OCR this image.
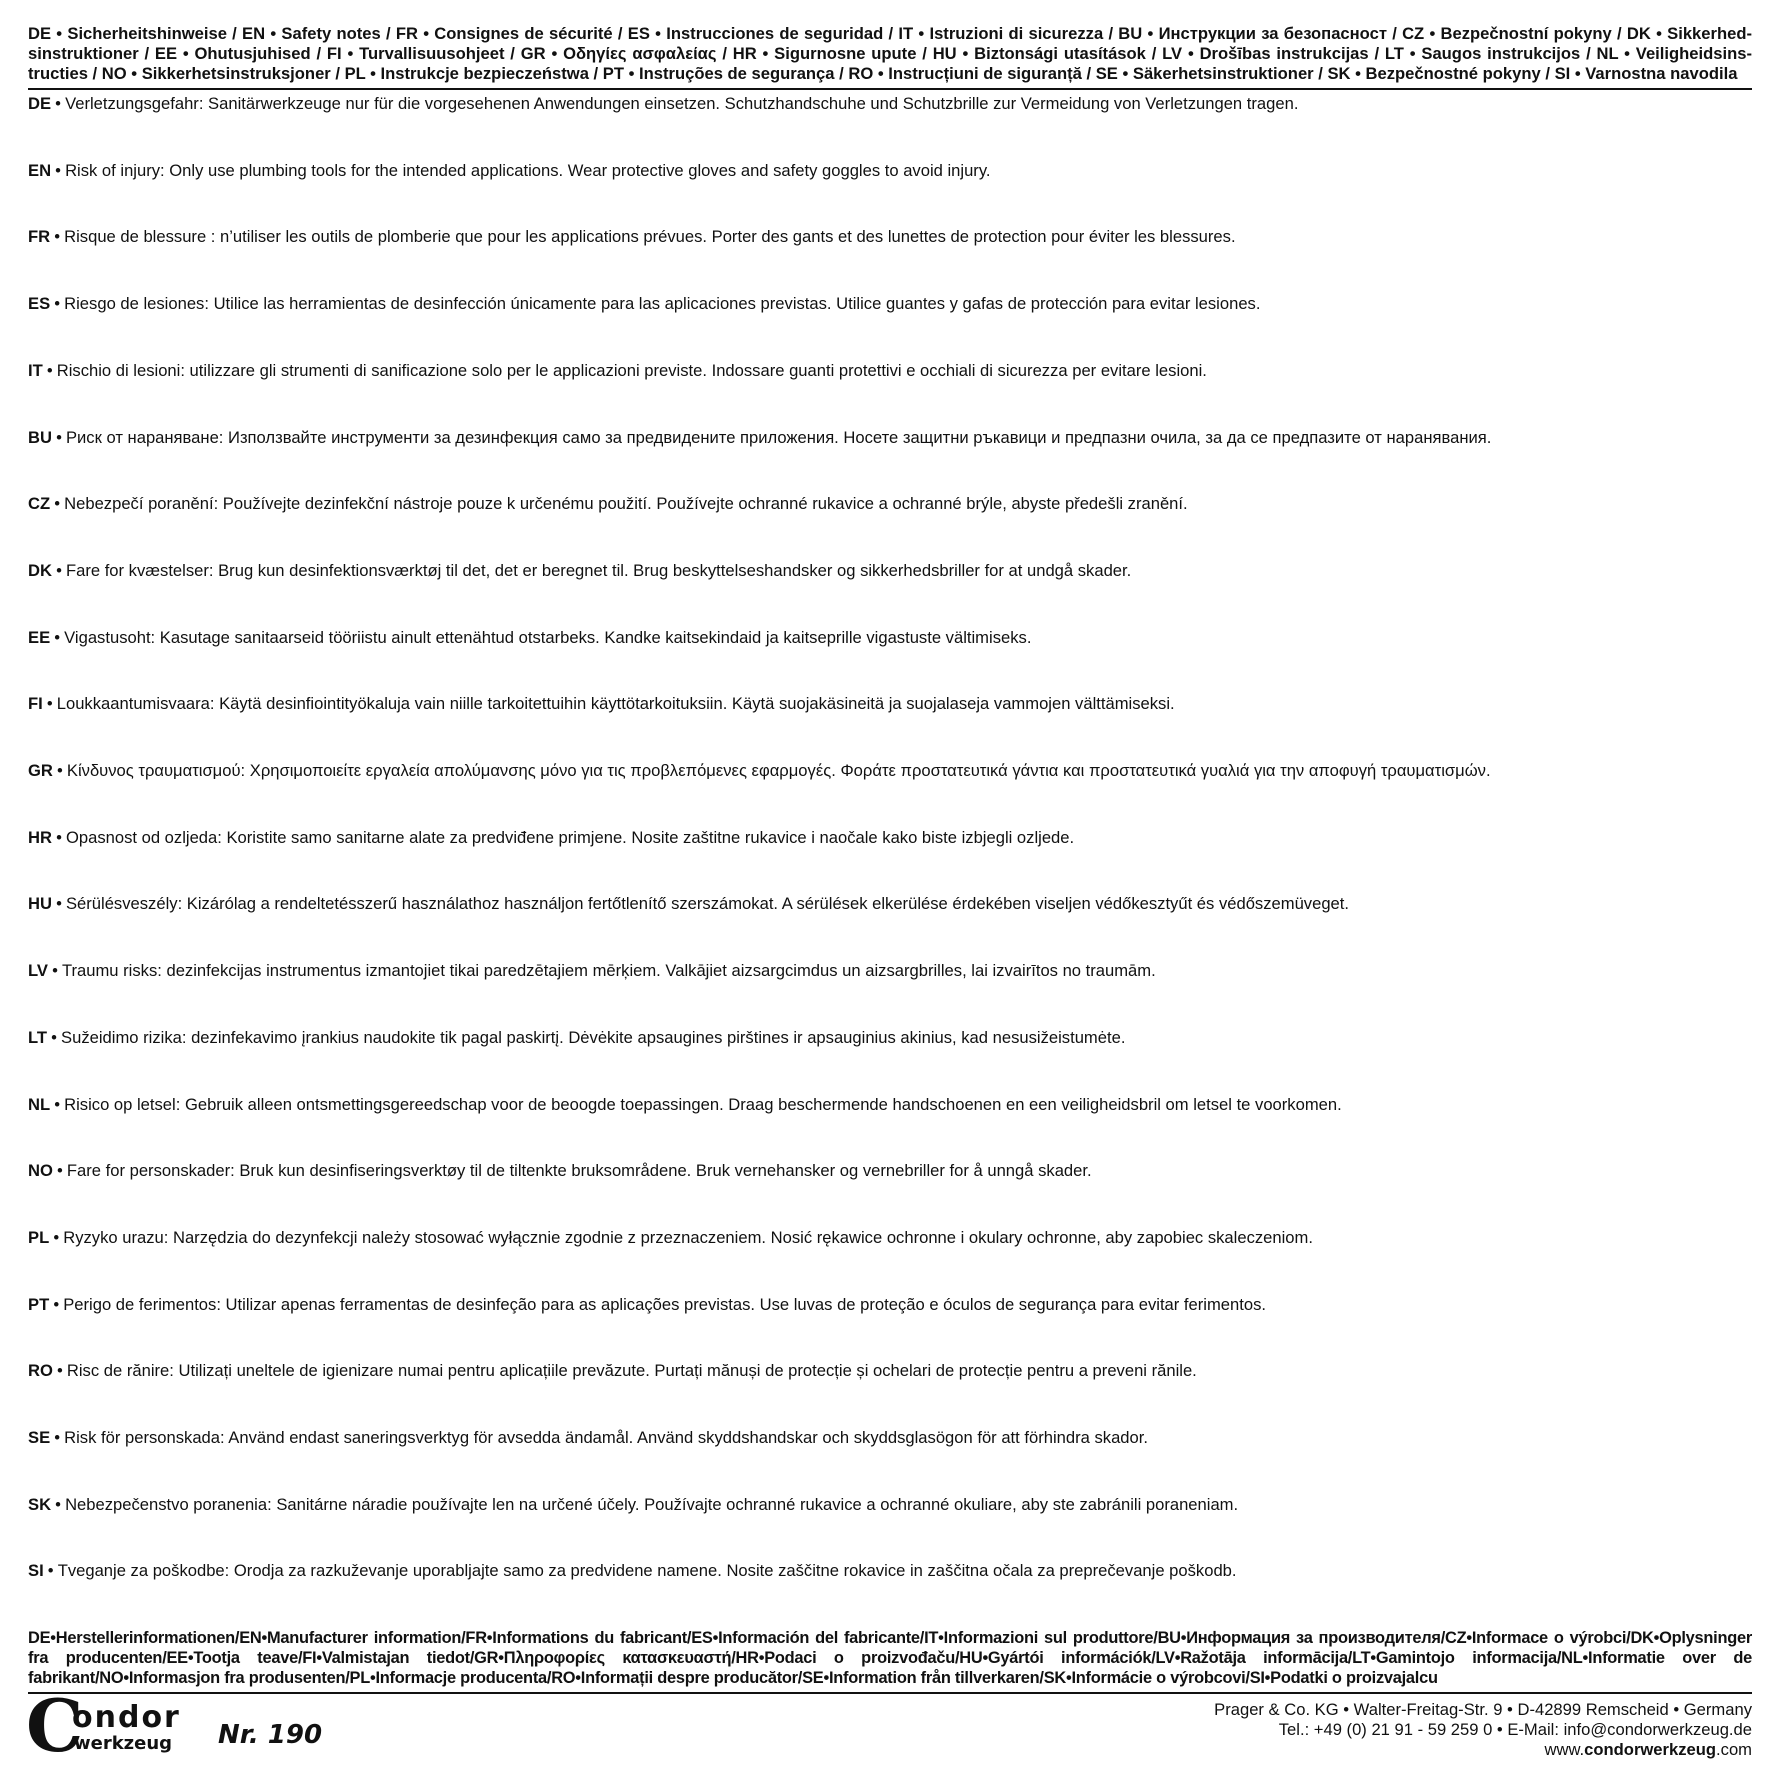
DE • Sicherheitshinweise / EN • Safety notes / FR • Consignes de sécurité / ES • Instrucciones de seguridad / IT • Istruzioni di sicurezza / BU • Инструкции за безопасност / CZ • Bezpečnostní pokyny / DK • Sikkerhedsinstruktioner / EE • Ohutusjuhised / FI • Turvallisuusohjeet / GR • Οδηγίες ασφαλείας / HR • Sigurnosne upute / HU • Biztonsági utasítások / LV • Drošības instrukcijas / LT • Saugos instrukcijos / NL • Veiligheidsinstructies / NO • Sikkerhetsinstruksjoner / PL • Instrukcje bezpieczeństwa / PT • Instruções de segurança / RO • Instrucțiuni de siguranță / SE • Säkerhetsinstruktioner / SK • Bezpečnostné pokyny / SI • Varnostna navodila
DE • Verletzungsgefahr: Sanitärwerkzeuge nur für die vorgesehenen Anwendungen einsetzen. Schutzhandschuhe und Schutzbrille zur Vermeidung von Verletzungen tragen.
EN • Risk of injury: Only use plumbing tools for the intended applications. Wear protective gloves and safety goggles to avoid injury.
FR • Risque de blessure : n’utiliser les outils de plomberie que pour les applications prévues. Porter des gants et des lunettes de protection pour éviter les blessures.
ES • Riesgo de lesiones: Utilice las herramientas de desinfección únicamente para las aplicaciones previstas. Utilice guantes y gafas de protección para evitar lesiones.
IT • Rischio di lesioni: utilizzare gli strumenti di sanificazione solo per le applicazioni previste. Indossare guanti protettivi e occhiali di sicurezza per evitare lesioni.
BU • Риск от нараняване: Използвайте инструменти за дезинфекция само за предвидените приложения. Носете защитни ръкавици и предпазни очила, за да се предпазите от наранявания.
CZ • Nebezpečí poranění: Používejte dezinfekční nástroje pouze k určenému použití. Používejte ochranné rukavice a ochranné brýle, abyste předešli zranění.
DK • Fare for kvæstelser: Brug kun desinfektionsværktøj til det, det er beregnet til. Brug beskyttelseshandsker og sikkerhedsbriller for at undgå skader.
EE • Vigastusoht: Kasutage sanitaarseid tööriistu ainult ettenähtud otstarbeks. Kandke kaitsekindaid ja kaitseprille vigastuste vältimiseks.
FI • Loukkaantumisvaara: Käytä desinfiointityökaluja vain niille tarkoitettuihin käyttötarkoituksiin. Käytä suojakäsineitä ja suojalaseja vammojen välttämiseksi.
GR • Κίνδυνος τραυματισμού: Χρησιμοποιείτε εργαλεία απολύμανσης μόνο για τις προβλεπόμενες εφαρμογές. Φοράτε προστατευτικά γάντια και προστατευτικά γυαλιά για την αποφυγή τραυματισμών.
HR • Opasnost od ozljeda: Koristite samo sanitarne alate za predviđene primjene. Nosite zaštitne rukavice i naočale kako biste izbjegli ozljede.
HU • Sérülésveszély: Kizárólag a rendeltetésszerű használathoz használjon fertőtlenítő szerszámokat. A sérülések elkerülése érdekében viseljen védőkesztyűt és védőszemüveget.
LV • Traumu risks: dezinfekcijas instrumentus izmantojiet tikai paredzētajiem mērķiem. Valkājiet aizsargcimdus un aizsargbrilles, lai izvairītos no traumām.
LT • Sužeidimo rizika: dezinfekavimo įrankius naudokite tik pagal paskirtį. Dėvėkite apsaugines pirštines ir apsauginius akinius, kad nesusižeistumėte.
NL • Risico op letsel: Gebruik alleen ontsmettingsgereedschap voor de beoogde toepassingen. Draag beschermende handschoenen en een veiligheidsbril om letsel te voorkomen.
NO • Fare for personskader: Bruk kun desinfiseringsverktøy til de tiltenkte bruksområdene. Bruk vernehansker og vernebriller for å unngå skader.
PL • Ryzyko urazu: Narzędzia do dezynfekcji należy stosować wyłącznie zgodnie z przeznaczeniem. Nosić rękawice ochronne i okulary ochronne, aby zapobiec skaleczeniom.
PT • Perigo de ferimentos: Utilizar apenas ferramentas de desinfeção para as aplicações previstas. Use luvas de proteção e óculos de segurança para evitar ferimentos.
RO • Risc de rănire: Utilizați uneltele de igienizare numai pentru aplicațiile prevăzute. Purtați mănuși de protecție și ochelari de protecție pentru a preveni rănile.
SE • Risk för personskada: Använd endast saneringsverktyg för avsedda ändamål. Använd skyddshandskar och skyddsglasögon för att förhindra skador.
SK • Nebezpečenstvo poranenia: Sanitárne náradie používajte len na určené účely. Používajte ochranné rukavice a ochranné okuliare, aby ste zabránili poraneniam.
SI • Tveganje za poškodbe: Orodja za razkuževanje uporabljajte samo za predvidene namene. Nosite zaščitne rokavice in zaščitna očala za preprečevanje poškodb.
DE•Herstellerinformationen/EN•Manufacturer information/FR•Informations du fabricant/ES•Información del fabricante/IT•Informazioni sul produttore/BU•Информация за производителя/CZ•Informace o výrobci/DK•Oplysninger fra producenten/EE•Tootja teave/FI•Valmistajan tiedot/GR•Πληροφορίες κατασκευαστή/HR•Podaci o proizvođaču/HU•Gyártói információk/LV•Ražotāja informācija/LT•Gamintojo informacija/NL•Informatie over de fabrikant/NO•Informasjon fra produsenten/PL•Informacje producenta/RO•Informații despre producător/SE•Information från tillverkaren/SK•Informácie o výrobcovi/SI•Podatki o proizvajalcu
C
ondor
werkzeug Nr. 190
Prager & Co. KG • Walter-Freitag-Str. 9 • D-42899 Remscheid • Germany
Tel.: +49 (0) 21 91 - 59 259 0 • E-Mail: info@condorwerkzeug.de
www.condorwerkzeug.com
